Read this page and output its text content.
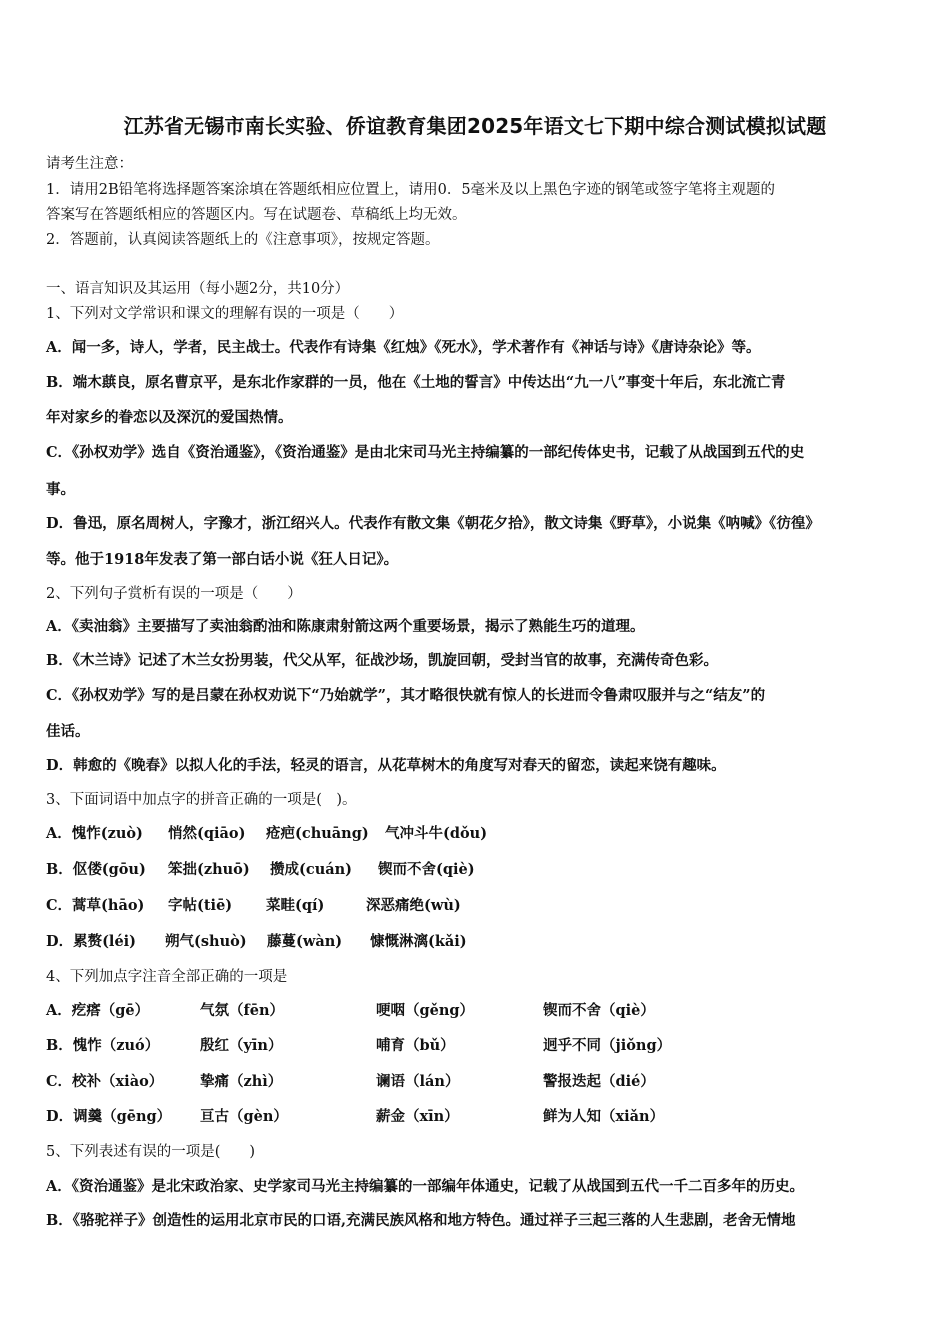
江苏省无锡市南长实验、侨谊教育集团2025年语文七下期中综合测试模拟试题
请考生注意：
1．请用2B铅笔将选择题答案涂填在答题纸相应位置上，请用0．5毫米及以上黑色字迹的钢笔或签字笔将主观题的
答案写在答题纸相应的答题区内。写在试题卷、草稿纸上均无效。
2．答题前，认真阅读答题纸上的《注意事项》，按规定答题。
一、语言知识及其运用（每小题2分，共10分）
1、下列对文学常识和课文的理解有误的一项是（　　）
A．闻一多，诗人，学者，民主战士。代表作有诗集《红烛》《死水》，学术著作有《神话与诗》《唐诗杂论》等。
B．端木蕻良，原名曹京平，是东北作家群的一员，他在《土地的誓言》中传达出“九一八”事变十年后，东北流亡青
年对家乡的眷恋以及深沉的爱国热情。
C．《孙权劝学》选自《资治通鉴》，《资治通鉴》是由北宋司马光主持编纂的一部纪传体史书，记载了从战国到五代的史
事。
D．鲁迅，原名周树人，字豫才，浙江绍兴人。代表作有散文集《朝花夕拾》，散文诗集《野草》，小说集《呐喊》《彷徨》
等。他于1918年发表了第一部白话小说《狂人日记》。
2、下列句子赏析有误的一项是（　　）
A．《卖油翁》主要描写了卖油翁酌油和陈康肃射箭这两个重要场景，揭示了熟能生巧的道理。
B．《木兰诗》记述了木兰女扮男装，代父从军，征战沙场，凯旋回朝，受封当官的故事，充满传奇色彩。
C．《孙权劝学》写的是吕蒙在孙权劝说下“乃始就学”，其才略很快就有惊人的长进而令鲁肃叹服并与之“结友”的
佳话。
D．韩愈的《晚春》以拟人化的手法，轻灵的语言，从花草树木的角度写对春天的留恋，读起来饶有趣味。
3、下面词语中加点字的拼音正确的一项是(　)。
A．愧怍(zuò) 悄然(qiāo) 疮疤(chuāng) 气冲斗牛(dǒu)
B．伛偻(gōu) 笨拙(zhuō) 攒成(cuán) 锲而不舍(qiè)
C．蒿草(hāo) 字帖(tiē) 菜畦(qí)	深恶痛绝(wù)
D．累赘(léi) 朔气(shuò) 藤蔓(wàn) 慷慨淋漓(kǎi)
4、下列加点字注音全部正确的一项是
A．疙瘩（gē）	气氛（fēn）	哽咽（gěng）	锲而不舍（qiè）
B．愧怍（zuó）	殷红（yīn）	哺育（bǔ）	迥乎不同（jiǒng）
C．校补（xiào）	挚痛（zhì）	谰语（lán）	警报迭起（dié）
D．调羹（gēng） 亘古（gèn）	薪金（xīn）	鲜为人知（xiǎn）
5、下列表述有误的一项是(　　)
A．《资治通鉴》是北宋政治家、史学家司马光主持编纂的一部编年体通史，记载了从战国到五代一千二百多年的历史。
B．《骆驼祥子》创造性的运用北京市民的口语,充满民族风格和地方特色。通过祥子三起三落的人生悲剧，老舍无情地
